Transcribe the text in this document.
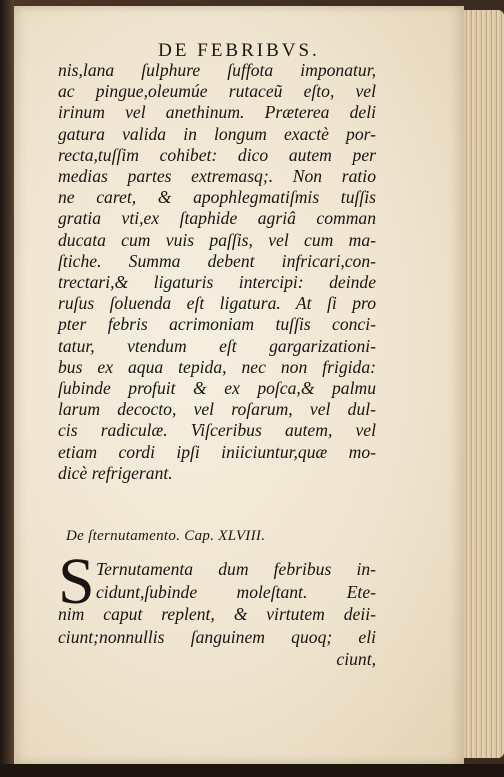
DE FEBRIBVS.
nis,lana ſulphure ſuffota imponatur,
ac pingue,oleumúe rutaceũ eſto, vel
irinum vel anethinum. Præterea deli
gatura valida in longum exactè por-
recta,tuſſim cohibet: dico autem per
medias partes extremasq;. Non ratio
ne caret, & apophlegmatiſmis tuſſis
gratia vti,ex ſtaphide agriâ comman
ducata cum vuis paſſis, vel cum ma-
ſtiche. Summa debent infricari,con-
trectari,& ligaturis intercipi: deinde
ruſus ſoluenda eſt ligatura. At ſi pro
pter febris acrimoniam tuſſis conci-
tatur, vtendum eſt gargarizationi-
bus ex aqua tepida, nec non frigida:
ſubinde profuit & ex poſca,& palmu
larum decocto, vel roſarum, vel dul-
cis radiculæ. Viſceribus autem, vel
etiam cordi ipſi iniiciuntur,quæ mo-
dicè refrigerant.
De ſternutamento. Cap. XLVIII.
S Ternutamenta dum febribus in-
cidunt,ſubinde moleſtant. Ete-
nim caput replent, & virtutem deii-
ciunt;nonnullis ſanguinem quoq; eli
ciunt,
